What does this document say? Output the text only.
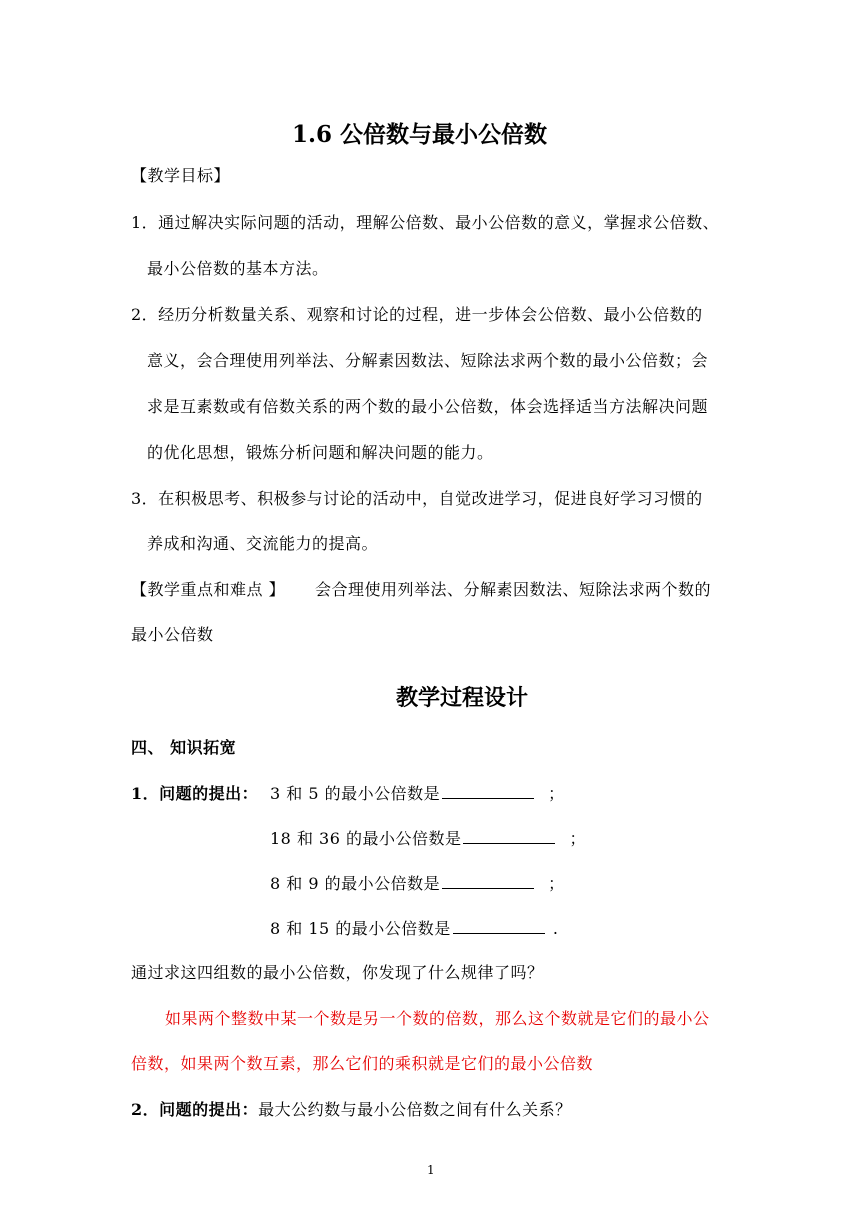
1.6 公倍数与最小公倍数
【教学目标】
1．通过解决实际问题的活动，理解公倍数、最小公倍数的意义，掌握求公倍数、
最小公倍数的基本方法。
2．经历分析数量关系、观察和讨论的过程，进一步体会公倍数、最小公倍数的
意义，会合理使用列举法、分解素因数法、短除法求两个数的最小公倍数；会
求是互素数或有倍数关系的两个数的最小公倍数，体会选择适当方法解决问题
的优化思想，锻炼分析问题和解决问题的能力。
3．在积极思考、积极参与讨论的活动中，自觉改进学习，促进良好学习习惯的
养成和沟通、交流能力的提高。
【教学重点和难点 】 会合理使用列举法、分解素因数法、短除法求两个数的
最小公倍数
教学过程设计
四、 知识拓宽
1．问题的提出： 3 和 5 的最小公倍数是	；
18 和 36 的最小公倍数是	；
8 和 9 的最小公倍数是	；
8 和 15 的最小公倍数是	.
通过求这四组数的最小公倍数，你发现了什么规律了吗？
如果两个整数中某一个数是另一个数的倍数，那么这个数就是它们的最小公
倍数，如果两个数互素，那么它们的乘积就是它们的最小公倍数
2．问题的提出：最大公约数与最小公倍数之间有什么关系？
1
